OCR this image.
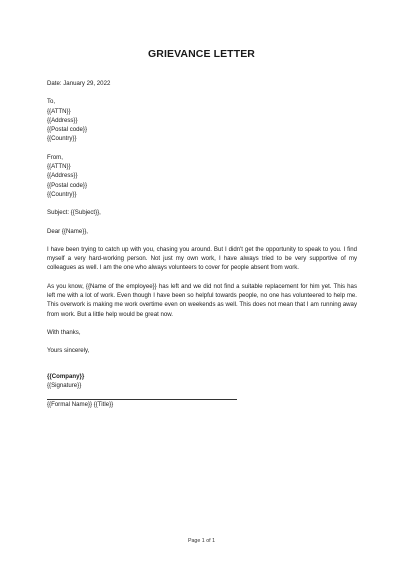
GRIEVANCE LETTER
Date: January 29, 2022
To,
{{ATTN}}
{{Address}}
{{Postal code}}
{{Country}}
From,
{{ATTN}}
{{Address}}
{{Postal code}}
{{Country}}
Subject: {{Subject}},
Dear {{Name}},
I have been trying to catch up with you, chasing you around. But I didn't get the opportunity to speak to you. I find myself a very hard-working person. Not just my own work, I have always tried to be very supportive of my colleagues as well. I am the one who always volunteers to cover for people absent from work.
As you know, {{Name of the employee}} has left and we did not find a suitable replacement for him yet. This has left me with a lot of work. Even though I have been so helpful towards people, no one has volunteered to help me. This overwork is making me work overtime even on weekends as well. This does not mean that I am running away from work. But a little help would be great now.
With thanks,
Yours sincerely,
{{Company}}
{{Signature}}
{{Formal Name}} {{Title}}
Page 1 of 1
